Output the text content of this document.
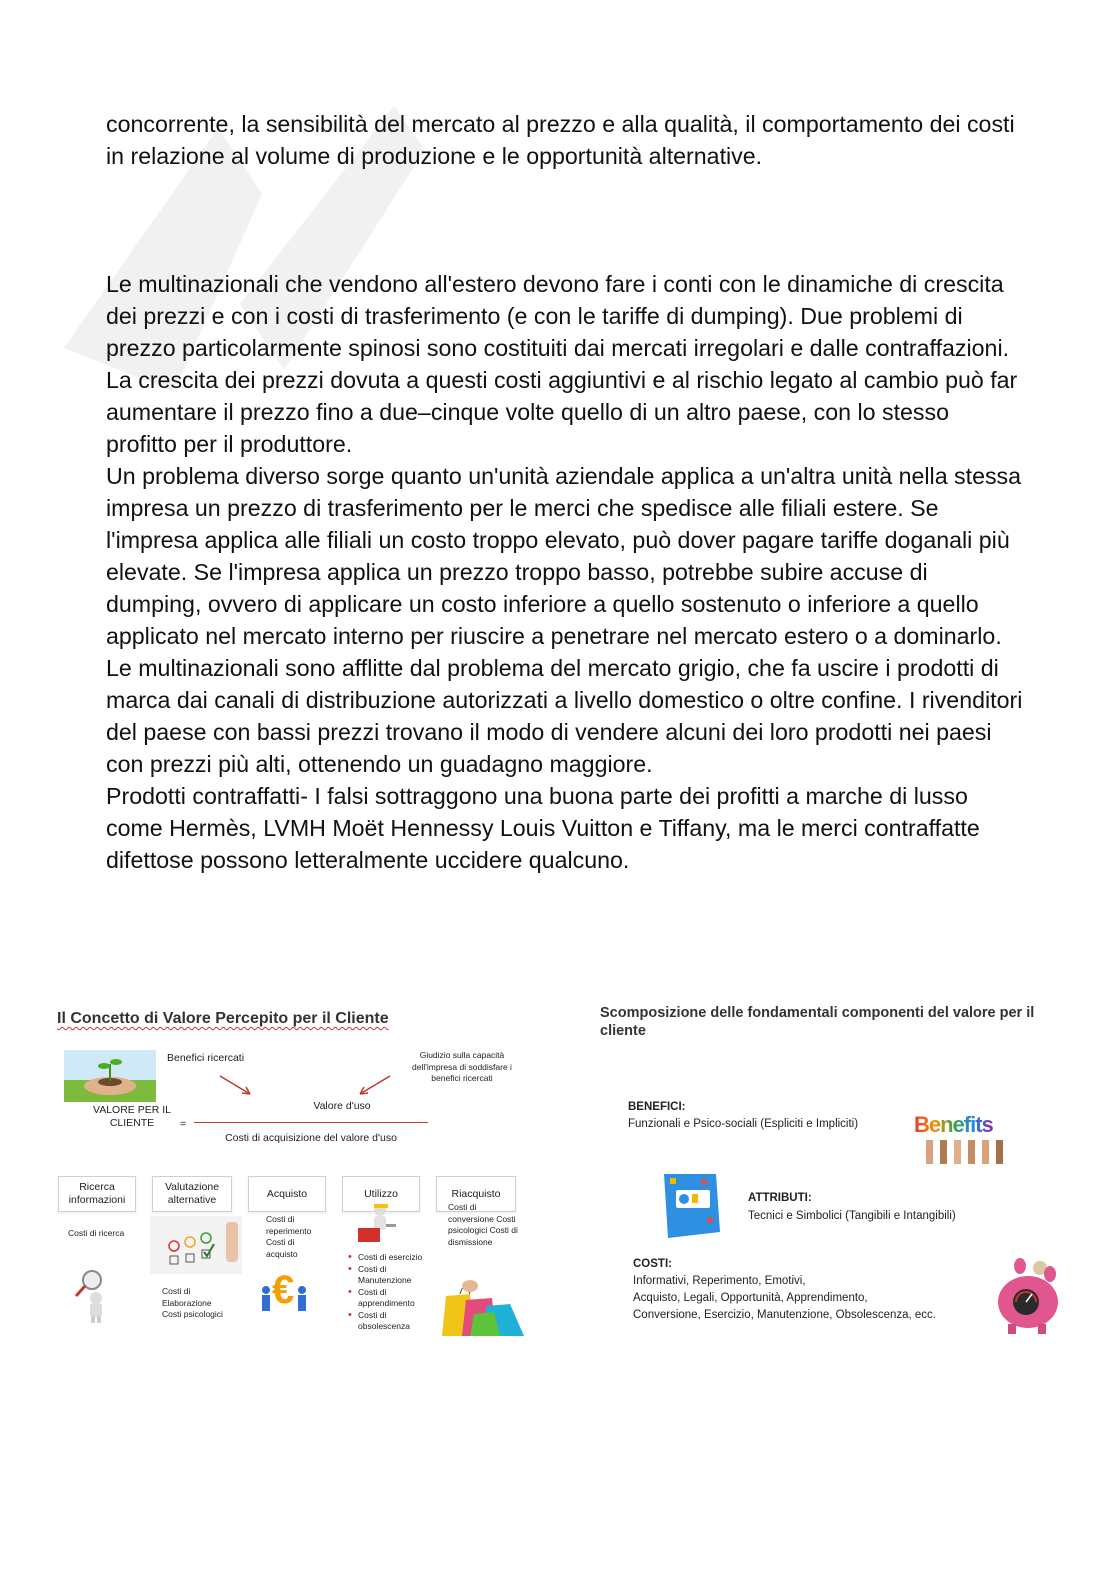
concorrente, la sensibilità del mercato al prezzo e alla qualità, il comportamento dei costi in relazione al volume di produzione e le opportunità alternative.

Le multinazionali che vendono all'estero devono fare i conti con le dinamiche di crescita dei prezzi e con i costi di trasferimento (e con le tariffe di dumping). Due problemi di prezzo particolarmente spinosi sono costituiti dai mercati irregolari e dalle contraffazioni.

La crescita dei prezzi dovuta a questi costi aggiuntivi e al rischio legato al cambio può far aumentare il prezzo fino a due–cinque volte quello di un altro paese, con lo stesso profitto per il produttore.

Un problema diverso sorge quanto un'unità aziendale applica a un'altra unità nella stessa impresa un prezzo di trasferimento per le merci che spedisce alle filiali estere. Se l'impresa applica alle filiali un costo troppo elevato, può dover pagare tariffe doganali più elevate. Se l'impresa applica un prezzo troppo basso, potrebbe subire accuse di dumping, ovvero di applicare un costo inferiore a quello sostenuto o inferiore a quello applicato nel mercato interno per riuscire a penetrare nel mercato estero o a dominarlo.

Le multinazionali sono afflitte dal problema del mercato grigio, che fa uscire i prodotti di marca dai canali di distribuzione autorizzati a livello domestico o oltre confine. I rivenditori del paese con bassi prezzi trovano il modo di vendere alcuni dei loro prodotti nei paesi con prezzi più alti, ottenendo un guadagno maggiore.

Prodotti contraffatti- I falsi sottraggono una buona parte dei profitti a marche di lusso come Hermès, LVMH Moët Hennessy Louis Vuitton e Tiffany, ma le merci contraffatte difettose possono letteralmente uccidere qualcuno.

Il Concetto di Valore Percepito per il Cliente
Benefici ricercati	Giudizio sulla capacità dell'impresa di soddisfare i benefici ricercati
VALORE PER IL CLIENTE	=
Valore d'uso
Costi di acquisizione del valore d'uso
Ricerca informazioni
Valutazione alternative
Acquisto	Utilizzo	Riacquisto
Costi di ricerca
Costi di Elaborazione Costi psicologici
Costi di reperimento Costi di acquisto
€
• Costi di esercizio
• Costi di Manutenzione
• Costi di apprendimento
• Costi di obsolescenza
Costi di conversione Costi psicologici Costi di dismissione
Scomposizione delle fondamentali componenti del valore per il cliente
BENEFICI:
Funzionali e Psico-sociali (Espliciti e Impliciti)	Benefits
ATTRIBUTI:
Tecnici e Simbolici (Tangibili e Intangibili)
COSTI:
Informativi, Reperimento, Emotivi,
Acquisto, Legali, Opportunità, Apprendimento,
Conversione, Esercizio, Manutenzione, Obsolescenza, ecc.
